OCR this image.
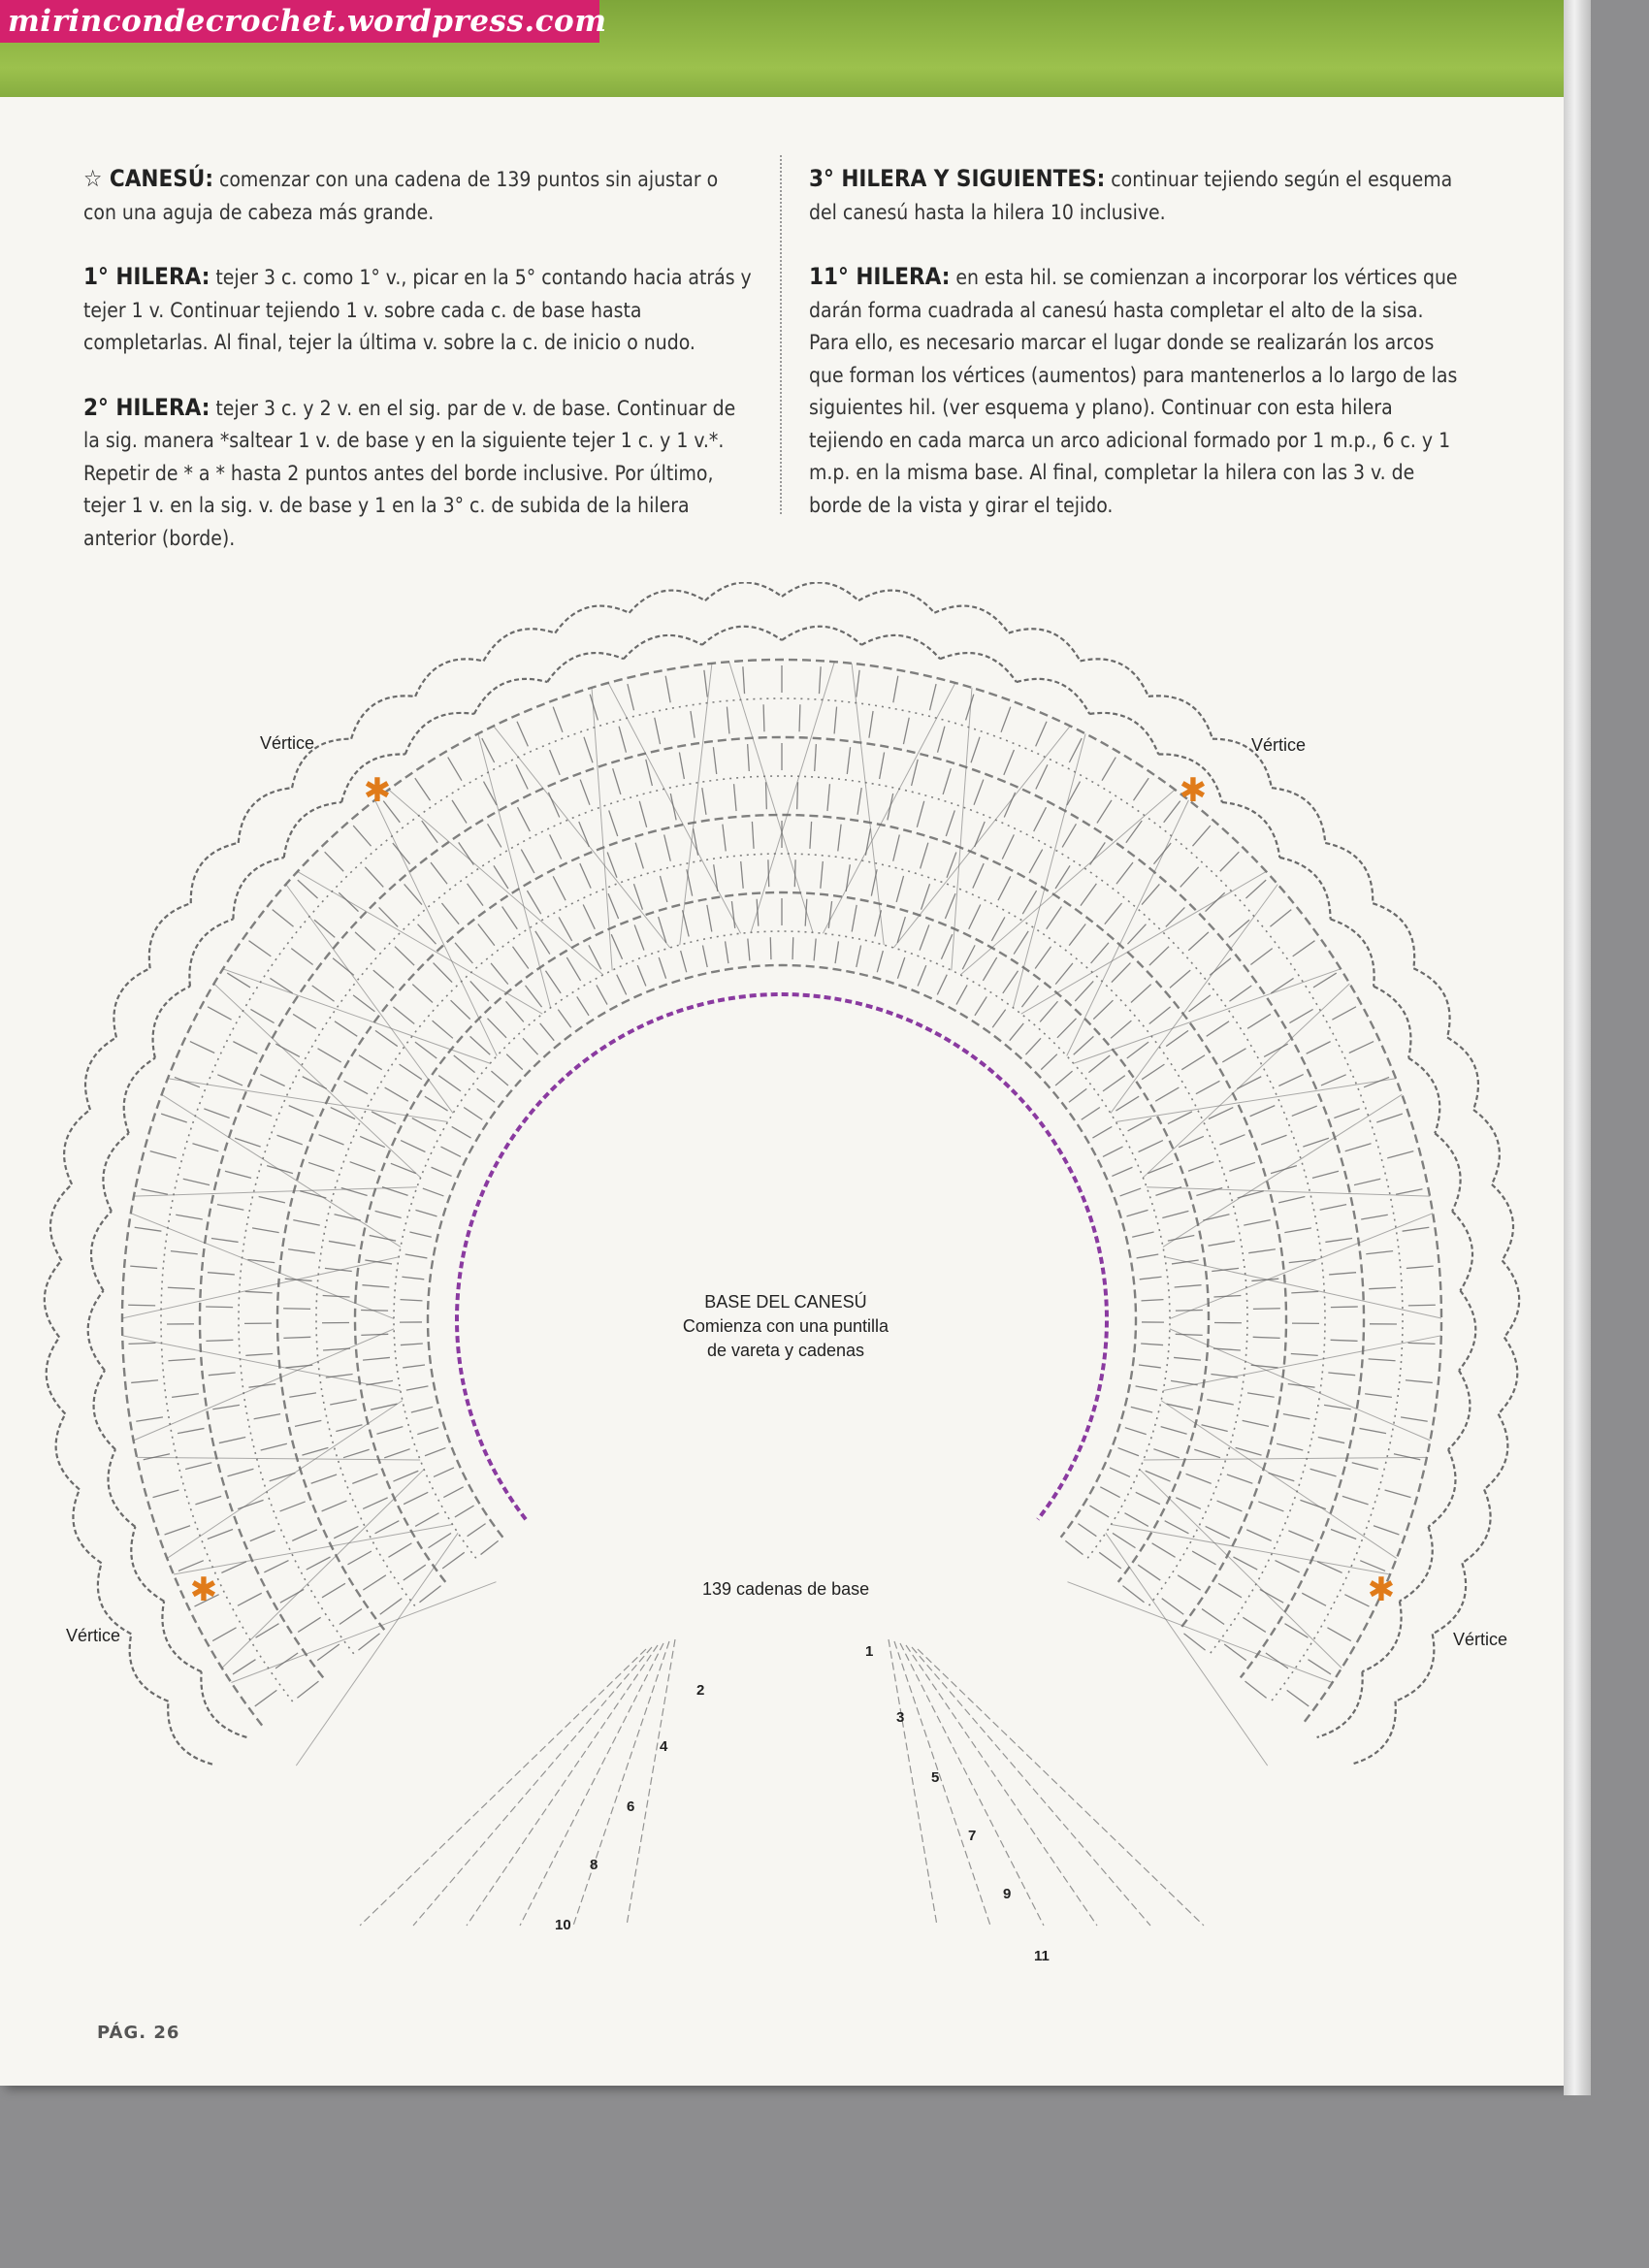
mirincondecrochet.wordpress.com

☆ CANESÚ: comenzar con una cadena de 139 puntos sin ajustar o con una aguja de cabeza más grande.

1° HILERA: tejer 3 c. como 1° v., picar en la 5° contando hacia atrás y tejer 1 v. Continuar tejiendo 1 v. sobre cada c. de base hasta completarlas. Al final, tejer la última v. sobre la c. de inicio o nudo.

2° HILERA: tejer 3 c. y 2 v. en el sig. par de v. de base. Continuar de la sig. manera *saltear 1 v. de base y en la siguiente tejer 1 c. y 1 v.*. Repetir de * a * hasta 2 puntos antes del borde inclusive. Por último, tejer 1 v. en la sig. v. de base y 1 en la 3° c. de subida de la hilera anterior (borde).

3° HILERA Y SIGUIENTES: continuar tejiendo según el esquema del canesú hasta la hilera 10 inclusive.

11° HILERA: en esta hil. se comienzan a incorporar los vértices que darán forma cuadrada al canesú hasta completar el alto de la sisa. Para ello, es necesario marcar el lugar donde se realizarán los arcos que forman los vértices (aumentos) para mantenerlos a lo largo de las siguientes hil. (ver esquema y plano). Continuar con esta hilera tejiendo en cada marca un arco adicional formado por 1 m.p., 6 c. y 1 m.p. en la misma base. Al final, completar la hilera con las 3 v. de borde de la vista y girar el tejido.

✱	✱
✱	✱
Vértice	Vértice
Vértice	Vértice
BASE DEL CANESÚ
Comienza con una puntilla
de vareta y cadenas
139 cadenas de base
2
4
6
8
10
1
3
5
7
9
11
PÁG. 26
